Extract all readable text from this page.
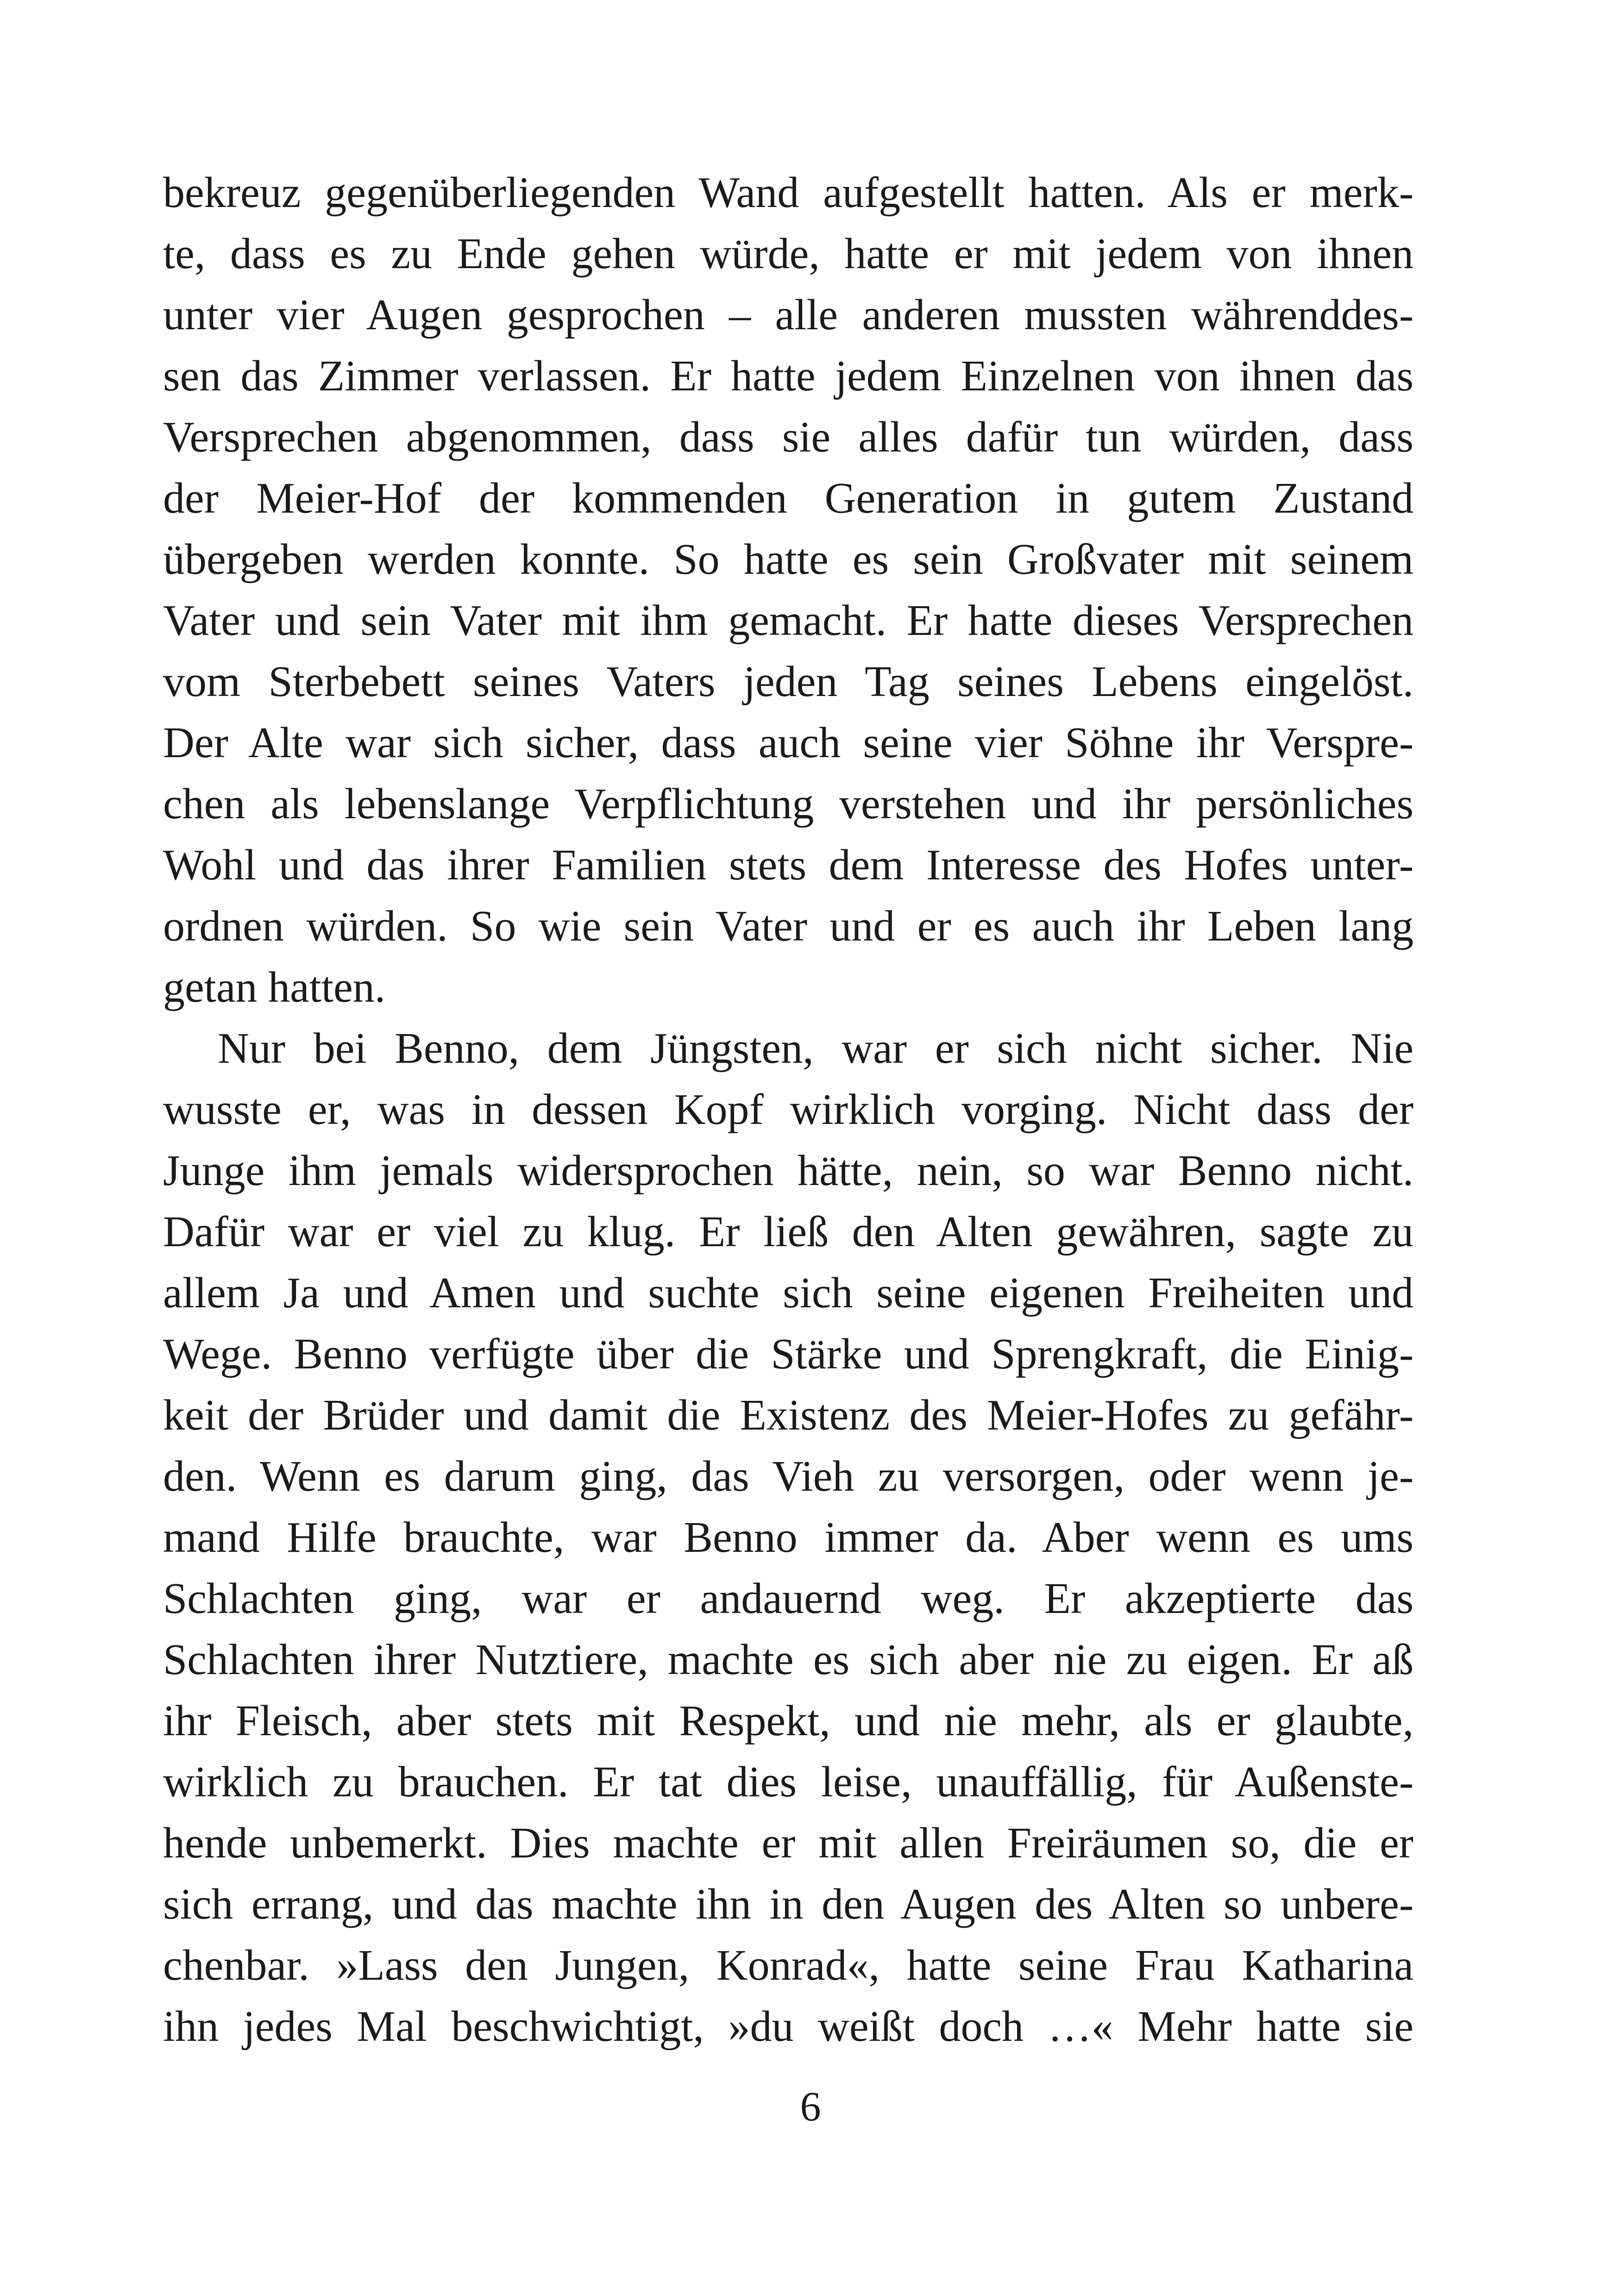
bekreuz gegenüberliegenden Wand aufgestellt hatten. Als er merk-
te, dass es zu Ende gehen würde, hatte er mit jedem von ihnen
unter vier Augen gesprochen – alle anderen mussten währenddes-
sen das Zimmer verlassen. Er hatte jedem Einzelnen von ihnen das
Versprechen abgenommen, dass sie alles dafür tun würden, dass
der Meier-Hof der kommenden Generation in gutem Zustand
übergeben werden konnte. So hatte es sein Großvater mit seinem
Vater und sein Vater mit ihm gemacht. Er hatte dieses Versprechen
vom Sterbebett seines Vaters jeden Tag seines Lebens eingelöst.
Der Alte war sich sicher, dass auch seine vier Söhne ihr Verspre-
chen als lebenslange Verpflichtung verstehen und ihr persönliches
Wohl und das ihrer Familien stets dem Interesse des Hofes unter-
ordnen würden. So wie sein Vater und er es auch ihr Leben lang
getan hatten.
Nur bei Benno, dem Jüngsten, war er sich nicht sicher. Nie
wusste er, was in dessen Kopf wirklich vorging. Nicht dass der
Junge ihm jemals widersprochen hätte, nein, so war Benno nicht.
Dafür war er viel zu klug. Er ließ den Alten gewähren, sagte zu
allem Ja und Amen und suchte sich seine eigenen Freiheiten und
Wege. Benno verfügte über die Stärke und Sprengkraft, die Einig-
keit der Brüder und damit die Existenz des Meier-Hofes zu gefähr-
den. Wenn es darum ging, das Vieh zu versorgen, oder wenn je-
mand Hilfe brauchte, war Benno immer da. Aber wenn es ums
Schlachten ging, war er andauernd weg. Er akzeptierte das
Schlachten ihrer Nutztiere, machte es sich aber nie zu eigen. Er aß
ihr Fleisch, aber stets mit Respekt, und nie mehr, als er glaubte,
wirklich zu brauchen. Er tat dies leise, unauffällig, für Außenste-
hende unbemerkt. Dies machte er mit allen Freiräumen so, die er
sich errang, und das machte ihn in den Augen des Alten so unbere-
chenbar. »Lass den Jungen, Konrad«, hatte seine Frau Katharina
ihn jedes Mal beschwichtigt, »du weißt doch …« Mehr hatte sie
6
